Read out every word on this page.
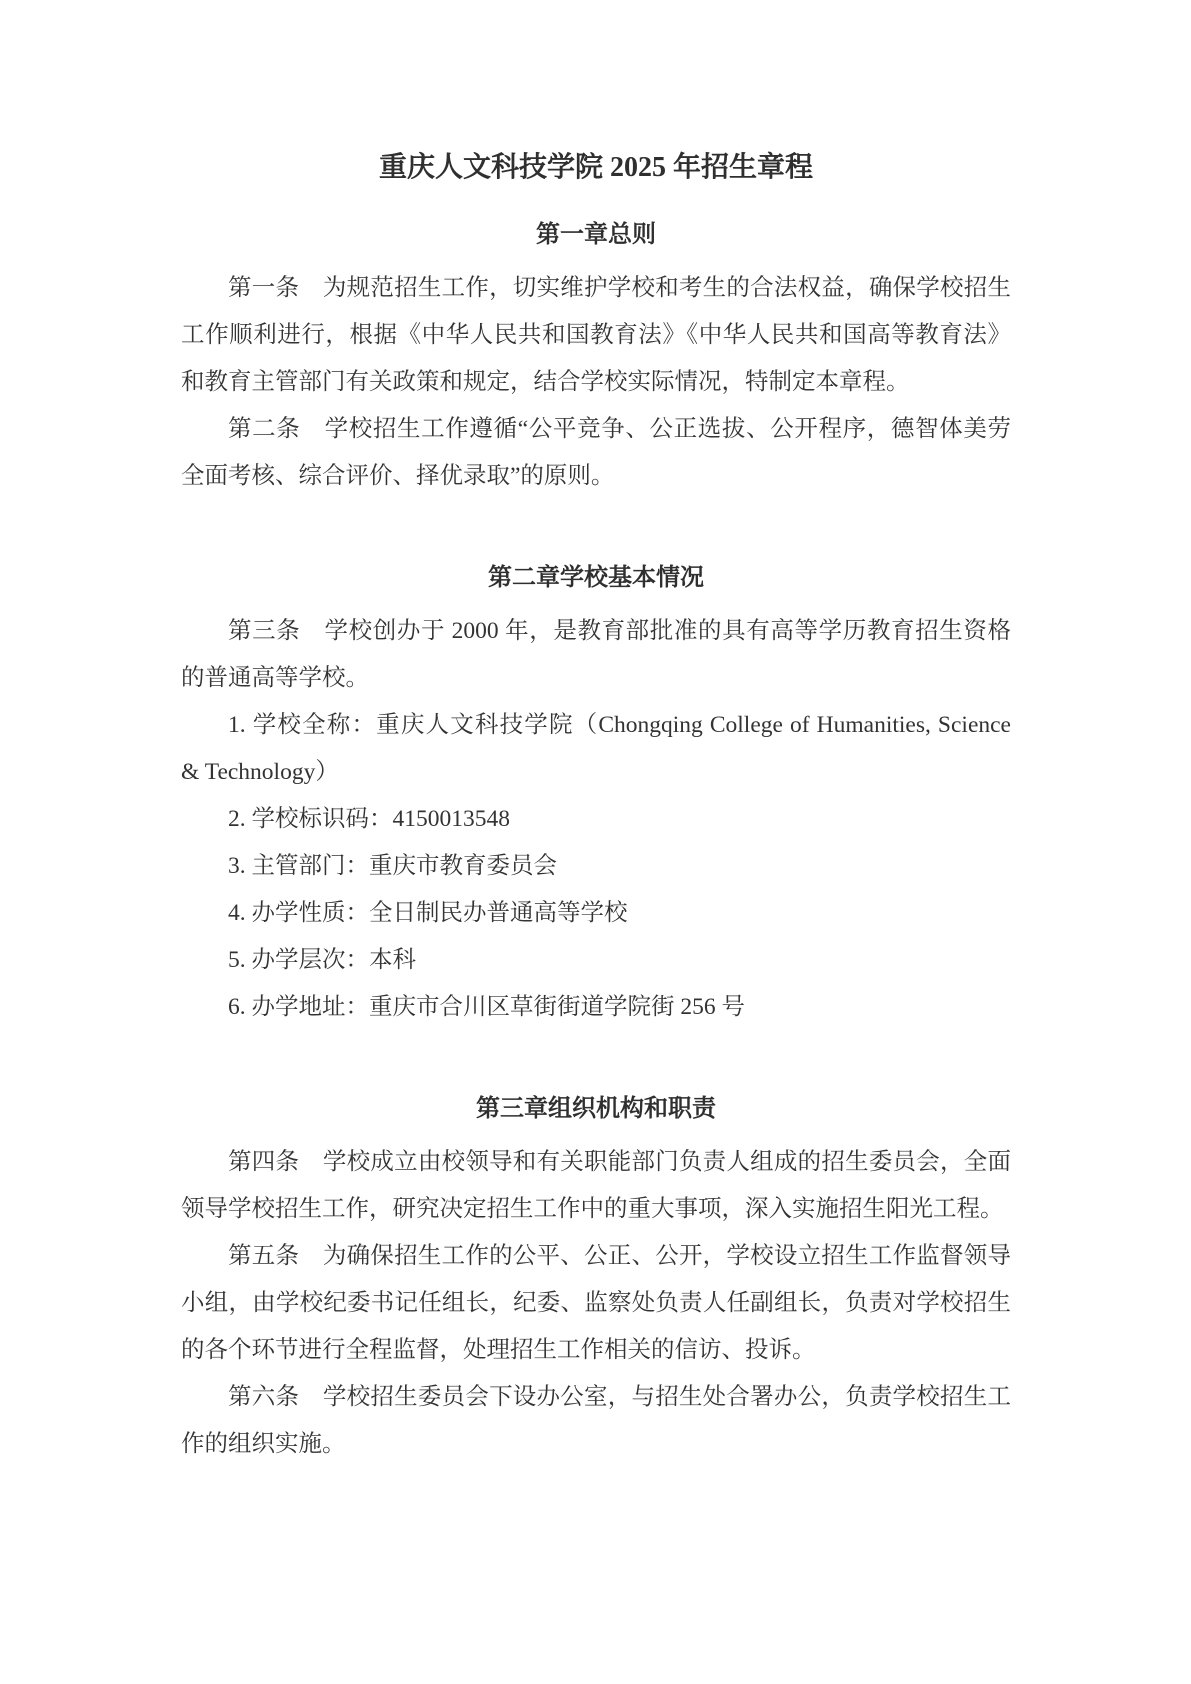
重庆人文科技学院 2025 年招生章程
第一章总则

第一条　为规范招生工作，切实维护学校和考生的合法权益，确保学校招生工作顺利进行，根据《中华人民共和国教育法》《中华人民共和国高等教育法》和教育主管部门有关政策和规定，结合学校实际情况，特制定本章程。

第二条　学校招生工作遵循“公平竞争、公正选拔、公开程序，德智体美劳全面考核、综合评价、择优录取”的原则。

第二章学校基本情况

第三条　学校创办于 2000 年，是教育部批准的具有高等学历教育招生资格的普通高等学校。

1. 学校全称：重庆人文科技学院（Chongqing College of Humanities, Science & Technology）

2. 学校标识码：4150013548

3. 主管部门：重庆市教育委员会

4. 办学性质：全日制民办普通高等学校

5. 办学层次：本科

6. 办学地址：重庆市合川区草街街道学院街 256 号

第三章组织机构和职责

第四条　学校成立由校领导和有关职能部门负责人组成的招生委员会，全面领导学校招生工作，研究决定招生工作中的重大事项，深入实施招生阳光工程。

第五条　为确保招生工作的公平、公正、公开，学校设立招生工作监督领导小组，由学校纪委书记任组长，纪委、监察处负责人任副组长，负责对学校招生的各个环节进行全程监督，处理招生工作相关的信访、投诉。

第六条　学校招生委员会下设办公室，与招生处合署办公，负责学校招生工作的组织实施。
